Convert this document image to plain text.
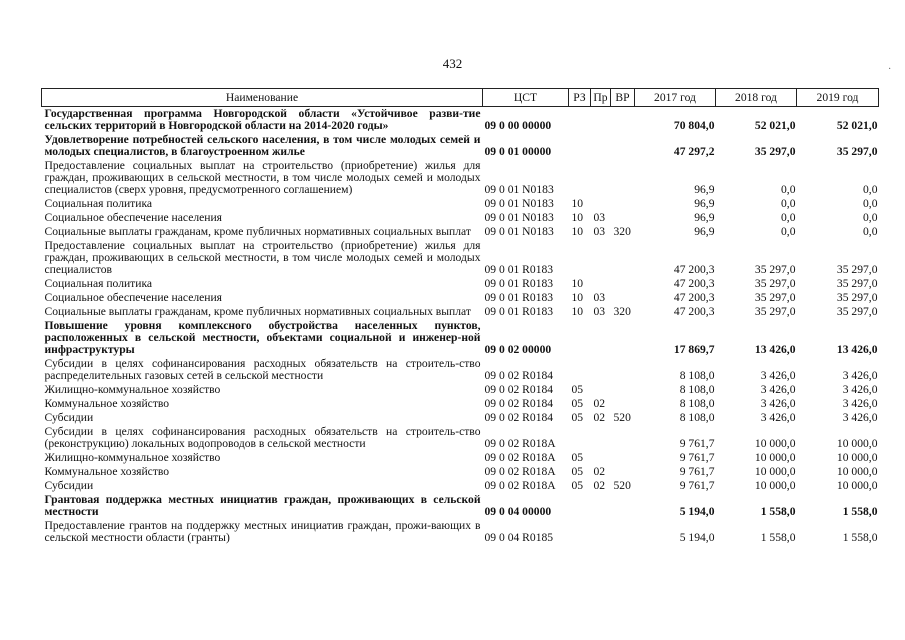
432	·
Наименование	ЦСТ	РЗ	Пр	ВР	2017 год	2018 год	2019 год
Государственная программа Новгородской области «Устойчивое разви-тие сельских территорий в Новгородской области на 2014-2020 годы»	09 0 00 00000				70 804,0	52 021,0	52 021,0
Удовлетворение потребностей сельского населения, в том числе молодых семей и молодых специалистов, в благоустроенном жилье	09 0 01 00000				47 297,2	35 297,0	35 297,0
Предоставление социальных выплат на строительство (приобретение) жилья для граждан, проживающих в сельской местности, в том числе молодых семей и молодых специалистов (сверх уровня, предусмотренного соглашением)	09 0 01 N0183				96,9	0,0	0,0
Социальная политика	09 0 01 N0183	10			96,9	0,0	0,0
Социальное обеспечение населения	09 0 01 N0183	10	03		96,9	0,0	0,0
Социальные выплаты гражданам, кроме публичных нормативных социальных выплат	09 0 01 N0183	10	03	320	96,9	0,0	0,0
Предоставление социальных выплат на строительство (приобретение) жилья для граждан, проживающих в сельской местности, в том числе молодых семей и молодых специалистов	09 0 01 R0183				47 200,3	35 297,0	35 297,0
Социальная политика	09 0 01 R0183	10			47 200,3	35 297,0	35 297,0
Социальное обеспечение населения	09 0 01 R0183	10	03		47 200,3	35 297,0	35 297,0
Социальные выплаты гражданам, кроме публичных нормативных социальных выплат	09 0 01 R0183	10	03	320	47 200,3	35 297,0	35 297,0
Повышение уровня комплексного обустройства населенных пунктов, расположенных в сельской местности, объектами социальной и инженер-ной инфраструктуры	09 0 02 00000				17 869,7	13 426,0	13 426,0
Субсидии в целях софинансирования расходных обязательств на строитель-ство распределительных газовых сетей в сельской местности	09 0 02 R0184				8 108,0	3 426,0	3 426,0
Жилищно-коммунальное хозяйство	09 0 02 R0184	05			8 108,0	3 426,0	3 426,0
Коммунальное хозяйство	09 0 02 R0184	05	02		8 108,0	3 426,0	3 426,0
Субсидии	09 0 02 R0184	05	02	520	8 108,0	3 426,0	3 426,0
Субсидии в целях софинансирования расходных обязательств на строитель-ство (реконструкцию) локальных водопроводов в сельской местности	09 0 02 R018A				9 761,7	10 000,0	10 000,0
Жилищно-коммунальное хозяйство	09 0 02 R018A	05			9 761,7	10 000,0	10 000,0
Коммунальное хозяйство	09 0 02 R018A	05	02		9 761,7	10 000,0	10 000,0
Субсидии	09 0 02 R018A	05	02	520	9 761,7	10 000,0	10 000,0
Грантовая поддержка местных инициатив граждан, проживающих в сельской местности	09 0 04 00000				5 194,0	1 558,0	1 558,0
Предоставление грантов на поддержку местных инициатив граждан, прожи-вающих в сельской местности области (гранты)	09 0 04 R0185				5 194,0	1 558,0	1 558,0
